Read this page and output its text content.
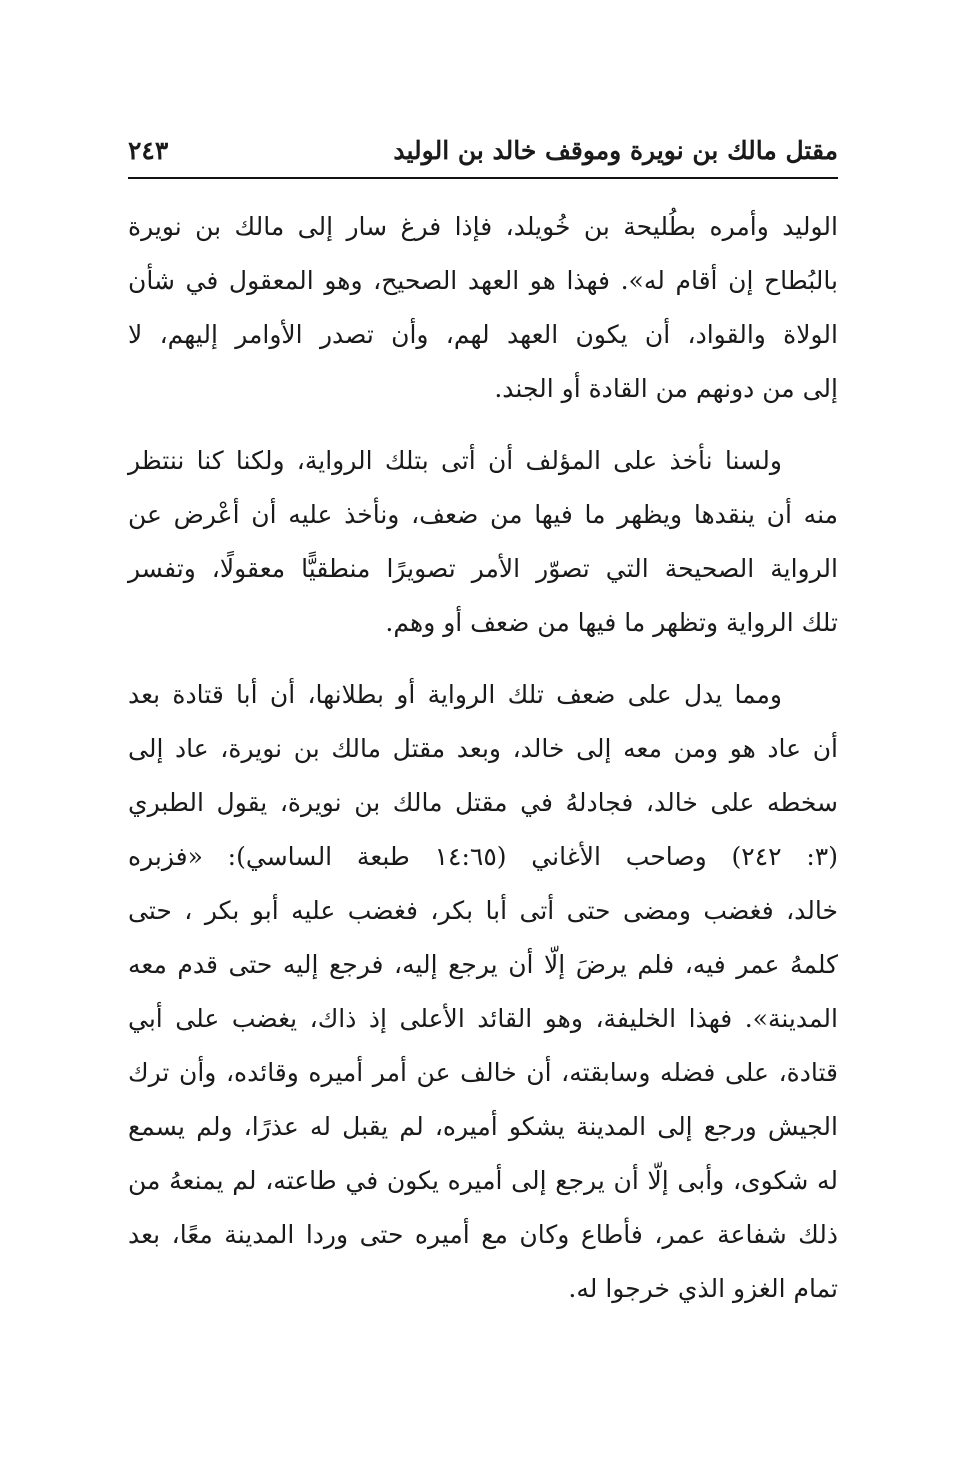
مقتل مالك بن نويرة وموقف خالد بن الوليد
٢٤٣

الوليد وأمره بطُليحة بن خُويلد، فإذا فرغ سار إلى مالك بن نويرة
بالبُطاح إن أقام له». فهذا هو العهد الصحيح، وهو المعقول في شأن
الولاة والقواد، أن يكون العهد لهم، وأن تصدر الأوامر إليهم، لا
إلى من دونهم من القادة أو الجند.

ولسنا نأخذ على المؤلف أن أتى بتلك الرواية، ولكنا كنا ننتظر
منه أن ينقدها ويظهر ما فيها من ضعف، ونأخذ عليه أن أعْرض عن
الرواية الصحيحة التي تصوّر الأمر تصويرًا منطقيًّا معقولًا، وتفسر
تلك الرواية وتظهر ما فيها من ضعف أو وهم.

ومما يدل على ضعف تلك الرواية أو بطلانها، أن أبا قتادة بعد
أن عاد هو ومن معه إلى خالد، وبعد مقتل مالك بن نويرة، عاد إلى
سخطه على خالد، فجادلهُ في مقتل مالك بن نويرة، يقول الطبري
(٣: ٢٤٢) وصاحب الأغاني (١٤:٦٥ طبعة الساسي): «فزبره
خالد، فغضب ومضى حتى أتى أبا بكر، فغضب عليه أبو بكر ، حتى
كلمهُ عمر فيه، فلم يرضَ إلّا أن يرجع إليه، فرجع إليه حتى قدم معه
المدينة». فهذا الخليفة، وهو القائد الأعلى إذ ذاك، يغضب على أبي
قتادة، على فضله وسابقته، أن خالف عن أمر أميره وقائده، وأن ترك
الجيش ورجع إلى المدينة يشكو أميره، لم يقبل له عذرًا، ولم يسمع
له شكوى، وأبى إلّا أن يرجع إلى أميره يكون في طاعته، لم يمنعهُ من
ذلك شفاعة عمر، فأطاع وكان مع أميره حتى وردا المدينة معًا، بعد
تمام الغزو الذي خرجوا له.
